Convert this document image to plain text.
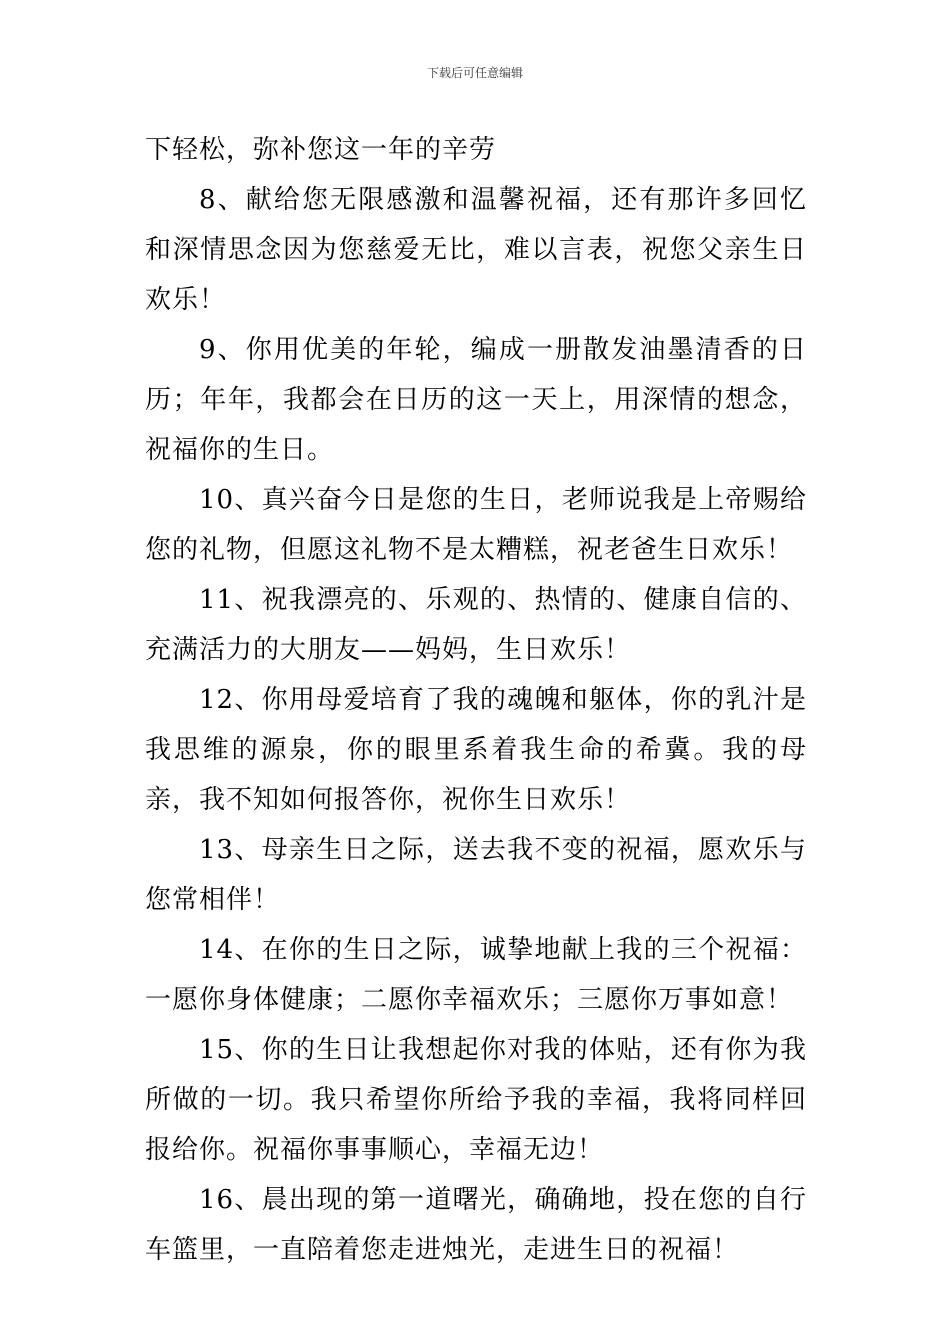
下载后可任意编辑

下轻松，弥补您这一年的辛劳

8、献给您无限感激和温馨祝福，还有那许多回忆和深情思念因为您慈爱无比，难以言表，祝您父亲生日欢乐！

9、你用优美的年轮，编成一册散发油墨清香的日历；年年，我都会在日历的这一天上，用深情的想念，祝福你的生日。

10、真兴奋今日是您的生日，老师说我是上帝赐给您的礼物，但愿这礼物不是太糟糕，祝老爸生日欢乐！

11、祝我漂亮的、乐观的、热情的、健康自信的、充满活力的大朋友——妈妈，生日欢乐！

12、你用母爱培育了我的魂魄和躯体，你的乳汁是我思维的源泉，你的眼里系着我生命的希冀。我的母亲，我不知如何报答你，祝你生日欢乐！

13、母亲生日之际，送去我不变的祝福，愿欢乐与您常相伴！

14、在你的生日之际，诚挚地献上我的三个祝福：一愿你身体健康；二愿你幸福欢乐；三愿你万事如意！

15、你的生日让我想起你对我的体贴，还有你为我所做的一切。我只希望你所给予我的幸福，我将同样回报给你。祝福你事事顺心，幸福无边！

16、晨出现的第一道曙光，确确地，投在您的自行车篮里，一直陪着您走进烛光，走进生日的祝福！
